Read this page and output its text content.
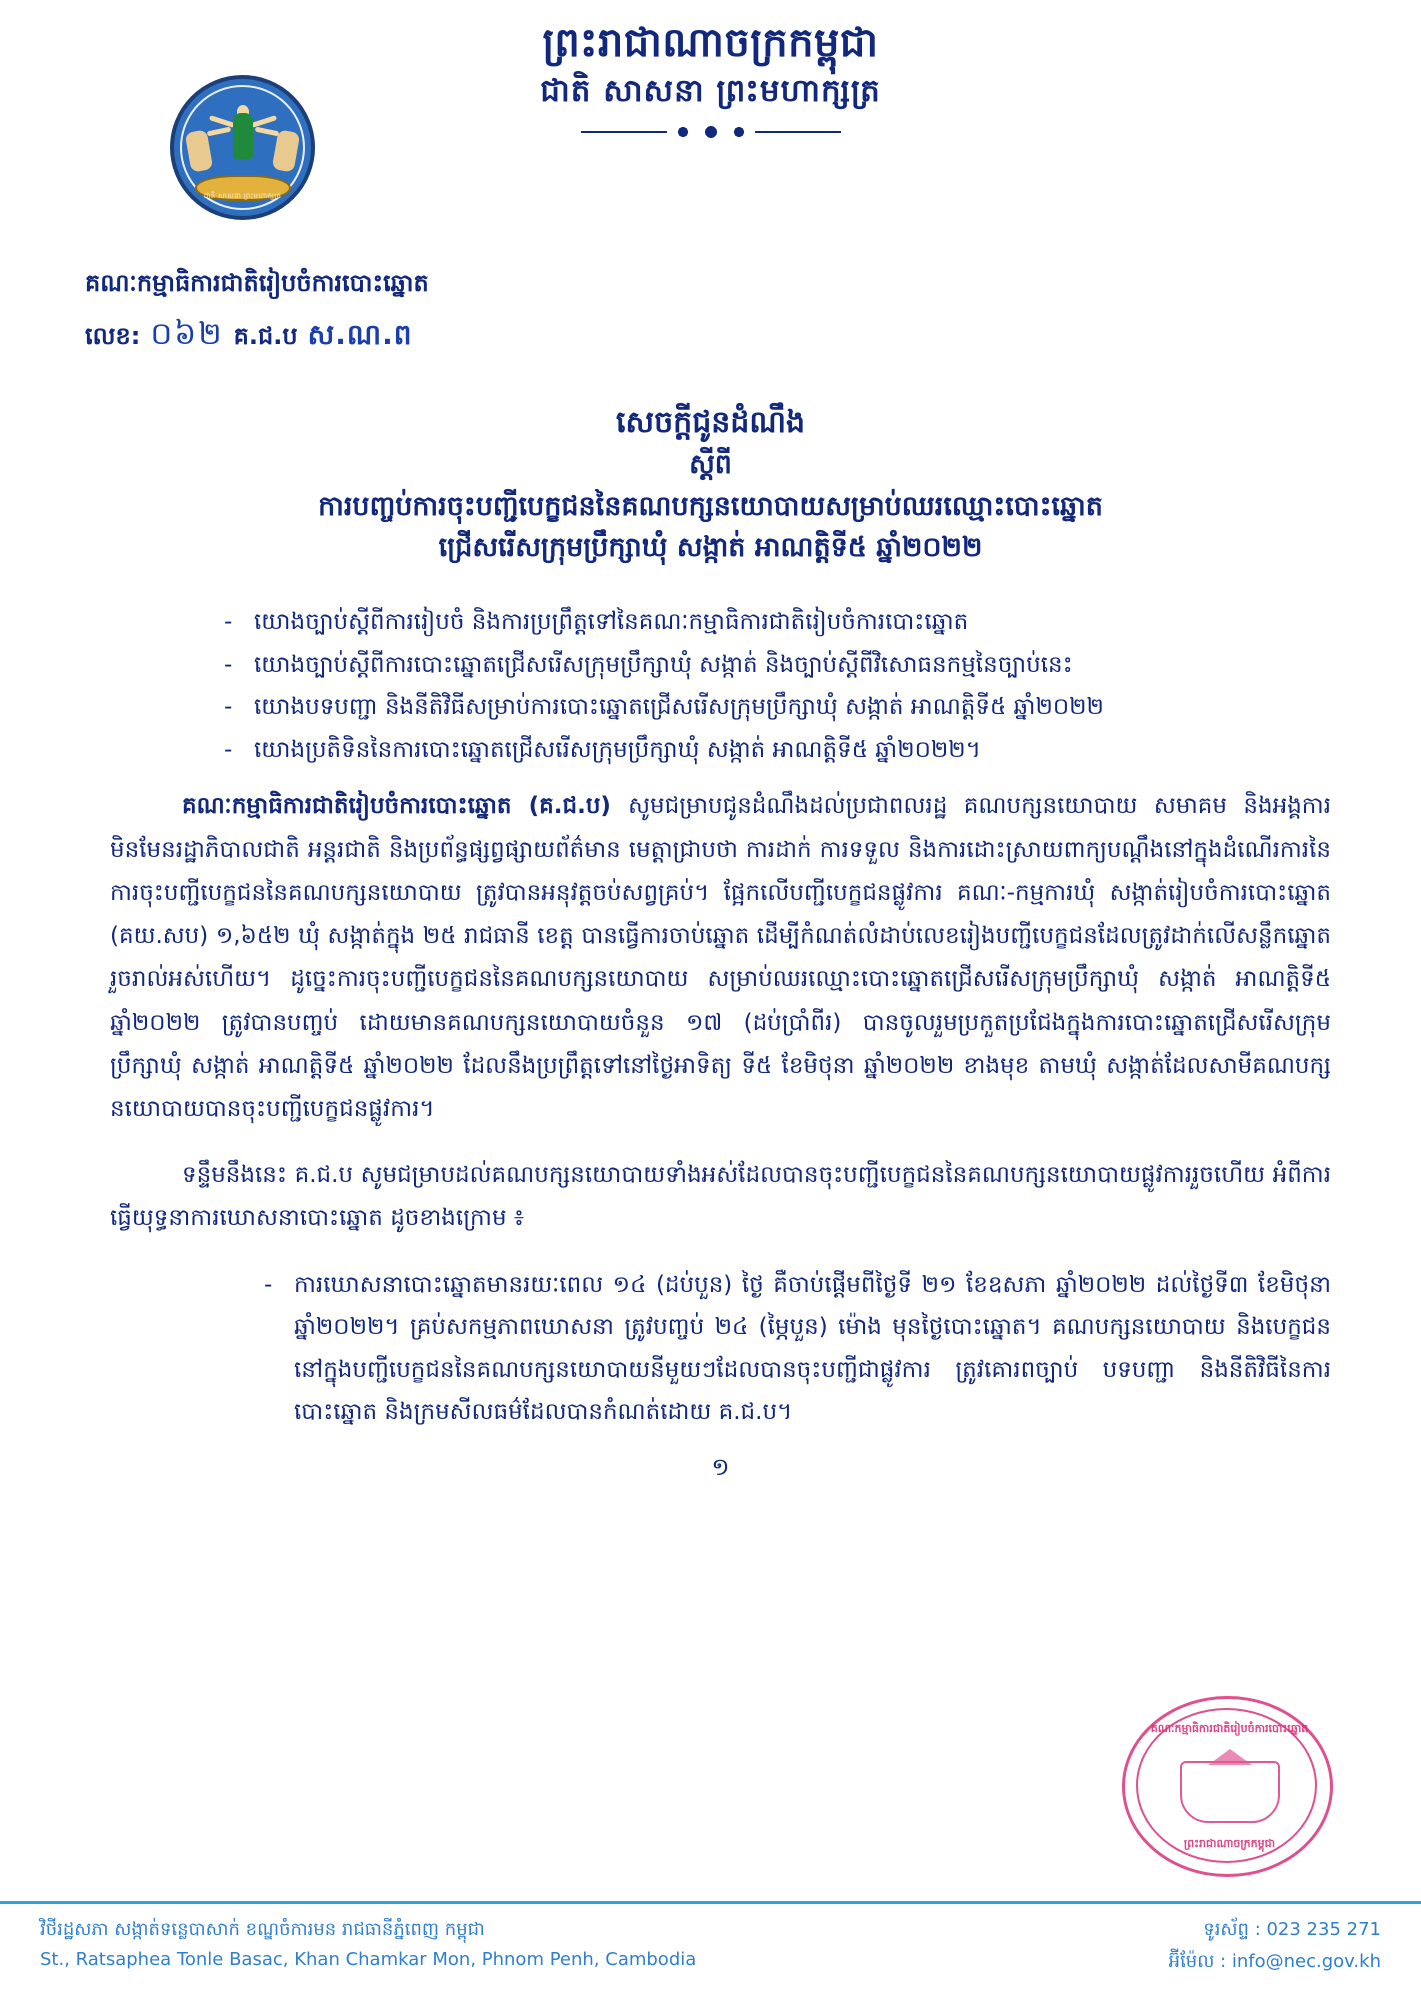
ព្រះរាជាណាចក្រកម្ពុជា
ជាតិ សាសនា ព្រះមហាក្សត្រ
ជាតិ សាសនា ព្រះមហាក្សត្រ
គណៈកម្មាធិការជាតិរៀបចំការបោះឆ្នោត
លេខ: ០៦២ គ.ជ.ប ស.ណ.ព
សេចក្តីជូនដំណឹង
ស្តីពី
ការបញ្ចប់ការចុះបញ្ជីបេក្ខជននៃគណបក្សនយោបាយសម្រាប់ឈរឈ្មោះបោះឆ្នោត
ជ្រើសរើសក្រុមប្រឹក្សាឃុំ សង្កាត់ អាណត្តិទី៥ ឆ្នាំ២០២២
- យោងច្បាប់ស្តីពីការរៀបចំ និងការប្រព្រឹត្តទៅនៃគណៈកម្មាធិការជាតិរៀបចំការបោះឆ្នោត
- យោងច្បាប់ស្តីពីការបោះឆ្នោតជ្រើសរើសក្រុមប្រឹក្សាឃុំ សង្កាត់ និងច្បាប់ស្តីពីវិសោធនកម្មនៃច្បាប់នេះ
- យោងបទបញ្ជា និងនីតិវិធីសម្រាប់ការបោះឆ្នោតជ្រើសរើសក្រុមប្រឹក្សាឃុំ សង្កាត់ អាណត្តិទី៥ ឆ្នាំ២០២២
- យោងប្រតិទិននៃការបោះឆ្នោតជ្រើសរើសក្រុមប្រឹក្សាឃុំ សង្កាត់ អាណត្តិទី៥ ឆ្នាំ២០២២។

គណៈកម្មាធិការជាតិរៀបចំការបោះឆ្នោត (គ.ជ.ប) សូមជម្រាបជូនដំណឹងដល់ប្រជាពលរដ្ឋ គណបក្សនយោបាយ សមាគម និងអង្គការមិនមែនរដ្ឋាភិបាលជាតិ អន្តរជាតិ និងប្រព័ន្ធផ្សព្វផ្សាយព័ត៌មាន មេត្តាជ្រាបថា ការដាក់ ការទទួល និងការដោះស្រាយពាក្យបណ្តឹងនៅក្នុងដំណើរការនៃការចុះបញ្ជីបេក្ខជននៃគណបក្សនយោបាយ ត្រូវបានអនុវត្តចប់សព្វគ្រប់។ ផ្អែកលើបញ្ជីបេក្ខជនផ្លូវការ គណៈ-កម្មការឃុំ សង្កាត់រៀបចំការបោះឆ្នោត (គយ.សប) ១,៦៥២ ឃុំ សង្កាត់ក្នុង ២៥ រាជធានី ខេត្ត បានធ្វើការចាប់ឆ្នោត ដើម្បីកំណត់លំដាប់លេខរៀងបញ្ជីបេក្ខជនដែលត្រូវដាក់លើសន្លឹកឆ្នោត រួចរាល់អស់ហើយ។ ដូច្នេះការចុះបញ្ជីបេក្ខជននៃគណបក្សនយោបាយ សម្រាប់ឈរឈ្មោះបោះឆ្នោតជ្រើសរើសក្រុមប្រឹក្សាឃុំ សង្កាត់ អាណត្តិទី៥ ឆ្នាំ២០២២ ត្រូវបានបញ្ចប់ ដោយមានគណបក្សនយោបាយចំនួន ១៧ (ដប់ប្រាំពីរ) បានចូលរួមប្រកួតប្រជែងក្នុងការបោះឆ្នោតជ្រើសរើសក្រុមប្រឹក្សាឃុំ សង្កាត់ អាណត្តិទី៥ ឆ្នាំ២០២២ ដែលនឹងប្រព្រឹត្តទៅនៅថ្ងៃអាទិត្យ ទី៥ ខែមិថុនា ឆ្នាំ២០២២ ខាងមុខ តាមឃុំ សង្កាត់ដែលសាមីគណបក្សនយោបាយបានចុះបញ្ជីបេក្ខជនផ្លូវការ។

ទន្ទឹមនឹងនេះ គ.ជ.ប សូមជម្រាបដល់គណបក្សនយោបាយទាំងអស់ដែលបានចុះបញ្ជីបេក្ខជននៃគណបក្សនយោបាយផ្លូវការរួចហើយ អំពីការធ្វើយុទ្ធនាការឃោសនាបោះឆ្នោត ដូចខាងក្រោម ៖

- ការឃោសនាបោះឆ្នោតមានរយៈពេល ១៤ (ដប់បួន) ថ្ងៃ គឺចាប់ផ្តើមពីថ្ងៃទី ២១ ខែឧសភា ឆ្នាំ២០២២ ដល់ថ្ងៃទី៣ ខែមិថុនា ឆ្នាំ២០២២។ គ្រប់សកម្មភាពឃោសនា ត្រូវបញ្ចប់ ២៤ (ម្ភៃបួន) ម៉ោង មុនថ្ងៃបោះឆ្នោត។ គណបក្សនយោបាយ និងបេក្ខជននៅក្នុងបញ្ជីបេក្ខជននៃគណបក្សនយោបាយនីមួយៗដែលបានចុះបញ្ជីជាផ្លូវការ ត្រូវគោរពច្បាប់ បទបញ្ជា និងនីតិវិធីនៃការបោះឆ្នោត និងក្រមសីលធម៌ដែលបានកំណត់ដោយ គ.ជ.ប។
១
គណៈកម្មាធិការជាតិរៀបចំការបោះឆ្នោត
ព្រះរាជាណាចក្រកម្ពុជា
វិថីរដ្ឋសភា សង្កាត់ទន្លេបាសាក់ ខណ្ឌចំការមន រាជធានីភ្នំពេញ កម្ពុជា
St., Ratsaphea Tonle Basac, Khan Chamkar Mon, Phnom Penh, Cambodia
ទូរស័ព្ទ : 023 235 271
អ៊ីម៉ែល : info@nec.gov.kh
